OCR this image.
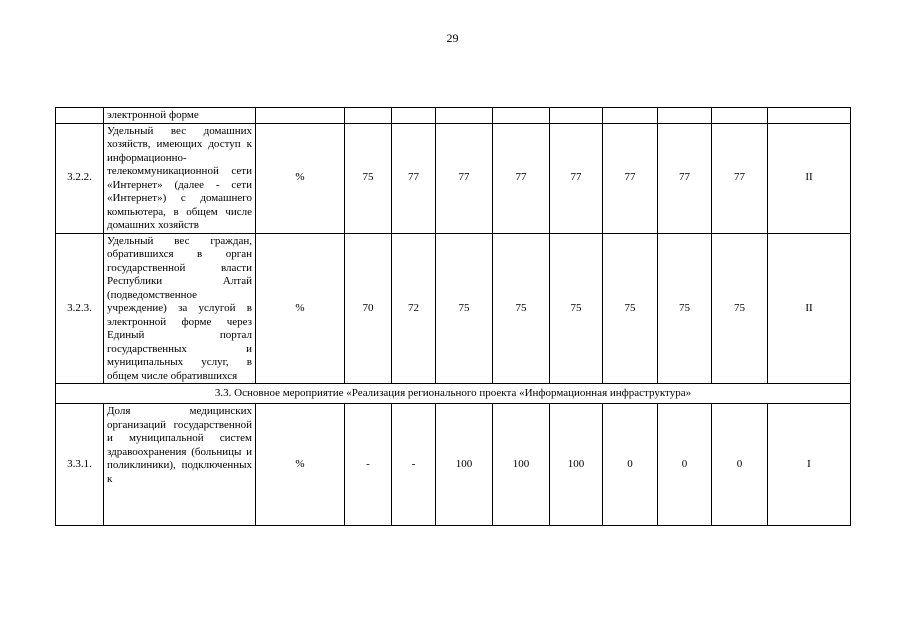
29
	электронной форме										
3.2.2.	Удельный вес домашних хозяйств, имеющих доступ к информационно-телекоммуникационной сети «Интернет» (далее - сети «Интернет») с домашнего компьютера, в общем числе домашних хозяйств	%	75	77	77	77	77	77	77	77	II
3.2.3.	Удельный вес граждан, обратившихся в орган государственной власти Республики Алтай (подведомственное учреждение) за услугой в электронной форме через Единый портал государственных и муниципальных услуг, в общем числе обратившихся	%	70	72	75	75	75	75	75	75	II
3.3. Основное мероприятие «Реализация регионального проекта «Информационная инфраструктура»											
3.3.1.	Доля медицинских организаций государственной и муниципальной систем здравоохранения (больницы и поликлиники), подключенных к	%	-	-	100	100	100	0	0	0	I
